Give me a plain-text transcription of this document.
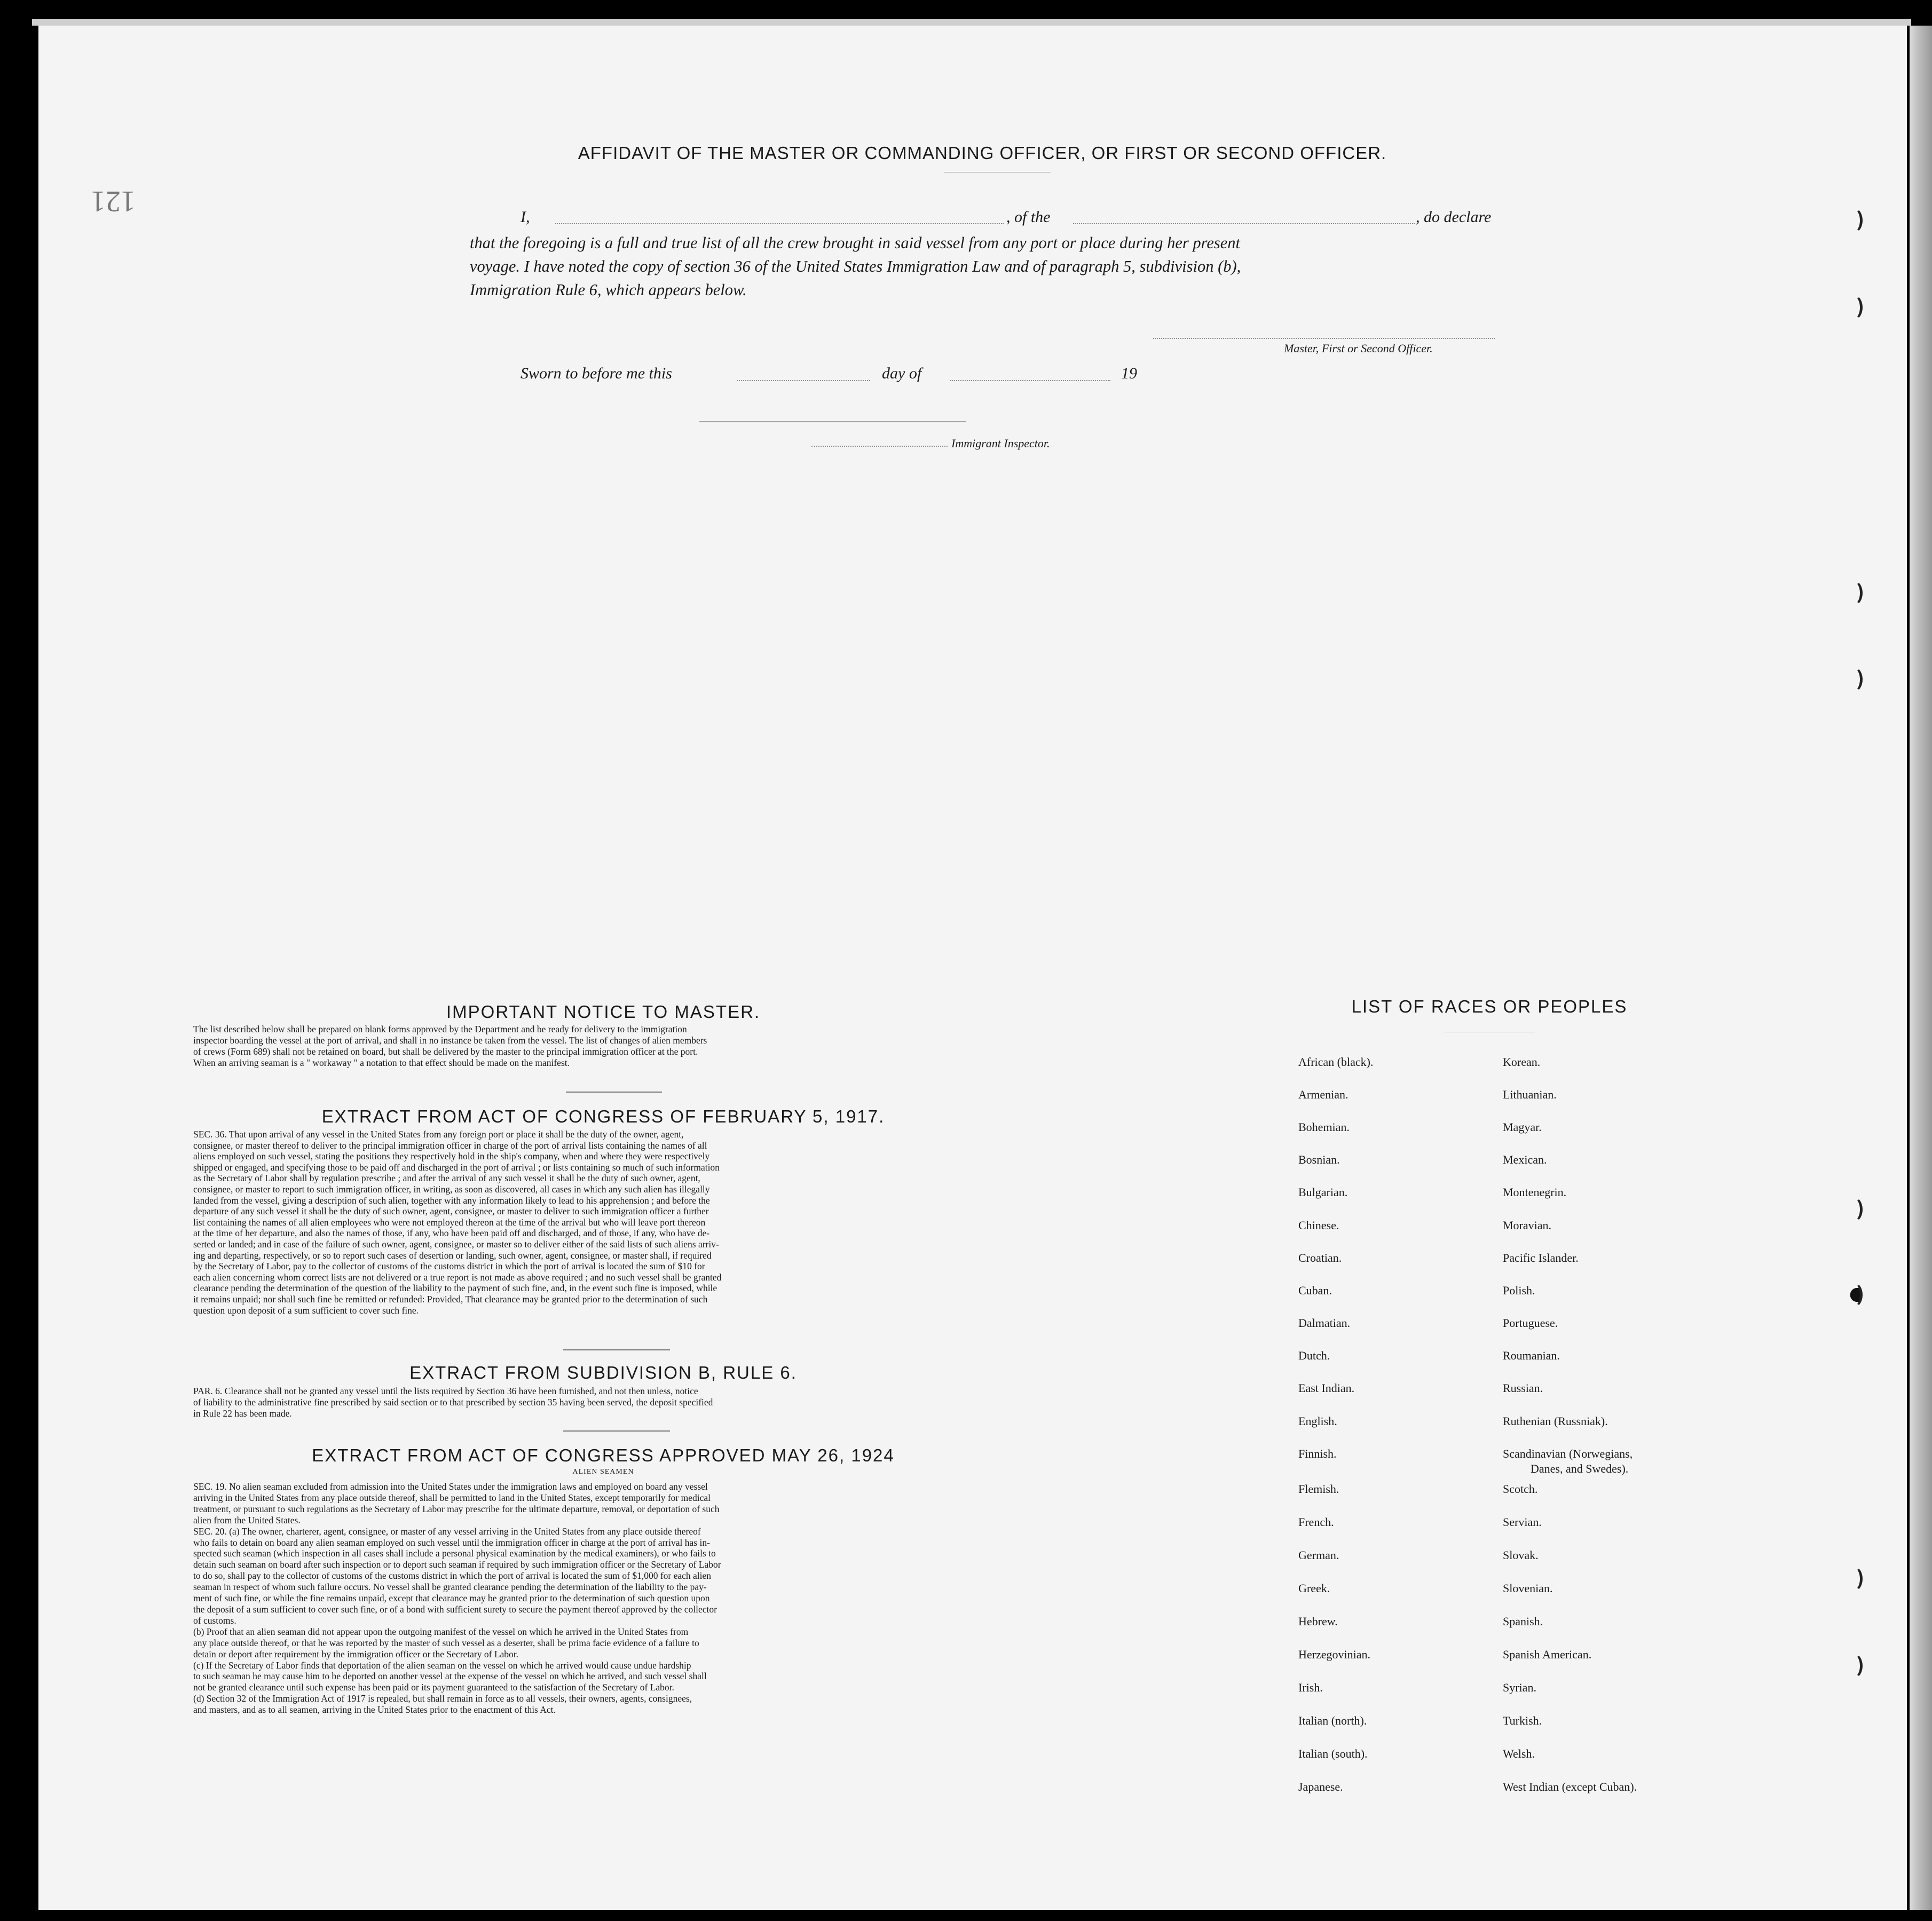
121
AFFIDAVIT OF THE MASTER OR COMMANDING OFFICER, OR FIRST OR SECOND OFFICER.
I,	, of the	, do declare
that the foregoing is a full and true list of all the crew brought in said vessel from any port or place during her present
voyage. I have noted the copy of section 36 of the United States Immigration Law and of paragraph 5, subdivision (b),
Immigration Rule 6, which appears below.
Master, First or Second Officer.
Sworn to before me this	day of	19
Immigrant Inspector.
IMPORTANT NOTICE TO MASTER.
The list described below shall be prepared on blank forms approved by the Department and be ready for delivery to the immigration
inspector boarding the vessel at the port of arrival, and shall in no instance be taken from the vessel. The list of changes of alien members
of crews (Form 689) shall not be retained on board, but shall be delivered by the master to the principal immigration officer at the port.
When an arriving seaman is a " workaway " a notation to that effect should be made on the manifest.
EXTRACT FROM ACT OF CONGRESS OF FEBRUARY 5, 1917.
SEC. 36. That upon arrival of any vessel in the United States from any foreign port or place it shall be the duty of the owner, agent,
consignee, or master thereof to deliver to the principal immigration officer in charge of the port of arrival lists containing the names of all
aliens employed on such vessel, stating the positions they respectively hold in the ship's company, when and where they were respectively
shipped or engaged, and specifying those to be paid off and discharged in the port of arrival ; or lists containing so much of such information
as the Secretary of Labor shall by regulation prescribe ; and after the arrival of any such vessel it shall be the duty of such owner, agent,
consignee, or master to report to such immigration officer, in writing, as soon as discovered, all cases in which any such alien has illegally
landed from the vessel, giving a description of such alien, together with any information likely to lead to his apprehension ; and before the
departure of any such vessel it shall be the duty of such owner, agent, consignee, or master to deliver to such immigration officer a further
list containing the names of all alien employees who were not employed thereon at the time of the arrival but who will leave port thereon
at the time of her departure, and also the names of those, if any, who have been paid off and discharged, and of those, if any, who have de-
serted or landed; and in case of the failure of such owner, agent, consignee, or master so to deliver either of the said lists of such aliens arriv-
ing and departing, respectively, or so to report such cases of desertion or landing, such owner, agent, consignee, or master shall, if required
by the Secretary of Labor, pay to the collector of customs of the customs district in which the port of arrival is located the sum of $10 for
each alien concerning whom correct lists are not delivered or a true report is not made as above required ; and no such vessel shall be granted
clearance pending the determination of the question of the liability to the payment of such fine, and, in the event such fine is imposed, while
it remains unpaid; nor shall such fine be remitted or refunded: Provided, That clearance may be granted prior to the determination of such
question upon deposit of a sum sufficient to cover such fine.
EXTRACT FROM SUBDIVISION B, RULE 6.
PAR. 6. Clearance shall not be granted any vessel until the lists required by Section 36 have been furnished, and not then unless, notice
of liability to the administrative fine prescribed by said section or to that prescribed by section 35 having been served, the deposit specified
in Rule 22 has been made.
EXTRACT FROM ACT OF CONGRESS APPROVED MAY 26, 1924
ALIEN SEAMEN
SEC. 19. No alien seaman excluded from admission into the United States under the immigration laws and employed on board any vessel
arriving in the United States from any place outside thereof, shall be permitted to land in the United States, except temporarily for medical
treatment, or pursuant to such regulations as the Secretary of Labor may prescribe for the ultimate departure, removal, or deportation of such
alien from the United States.
SEC. 20. (a) The owner, charterer, agent, consignee, or master of any vessel arriving in the United States from any place outside thereof
who fails to detain on board any alien seaman employed on such vessel until the immigration officer in charge at the port of arrival has in-
spected such seaman (which inspection in all cases shall include a personal physical examination by the medical examiners), or who fails to
detain such seaman on board after such inspection or to deport such seaman if required by such immigration officer or the Secretary of Labor
to do so, shall pay to the collector of customs of the customs district in which the port of arrival is located the sum of $1,000 for each alien
seaman in respect of whom such failure occurs. No vessel shall be granted clearance pending the determination of the liability to the pay-
ment of such fine, or while the fine remains unpaid, except that clearance may be granted prior to the determination of such question upon
the deposit of a sum sufficient to cover such fine, or of a bond with sufficient surety to secure the payment thereof approved by the collector
of customs.
(b) Proof that an alien seaman did not appear upon the outgoing manifest of the vessel on which he arrived in the United States from
any place outside thereof, or that he was reported by the master of such vessel as a deserter, shall be prima facie evidence of a failure to
detain or deport after requirement by the immigration officer or the Secretary of Labor.
(c) If the Secretary of Labor finds that deportation of the alien seaman on the vessel on which he arrived would cause undue hardship
to such seaman he may cause him to be deported on another vessel at the expense of the vessel on which he arrived, and such vessel shall
not be granted clearance until such expense has been paid or its payment guaranteed to the satisfaction of the Secretary of Labor.
(d) Section 32 of the Immigration Act of 1917 is repealed, but shall remain in force as to all vessels, their owners, agents, consignees,
and masters, and as to all seamen, arriving in the United States prior to the enactment of this Act.
LIST OF RACES OR PEOPLES
African (black).
Armenian.
Bohemian.
Bosnian.
Bulgarian.
Chinese.
Croatian.
Cuban.
Dalmatian.
Dutch.
East Indian.
English.
Finnish.
Flemish.
French.
German.
Greek.
Hebrew.
Herzegovinian.
Irish.
Italian (north).
Italian (south).
Japanese.
Korean.
Lithuanian.
Magyar.
Mexican.
Montenegrin.
Moravian.
Pacific Islander.
Polish.
Portuguese.
Roumanian.
Russian.
Ruthenian (Russniak).
Scandinavian (Norwegians,
Danes, and Swedes).
Scotch.
Servian.
Slovak.
Slovenian.
Spanish.
Spanish American.
Syrian.
Turkish.
Welsh.
West Indian (except Cuban).
